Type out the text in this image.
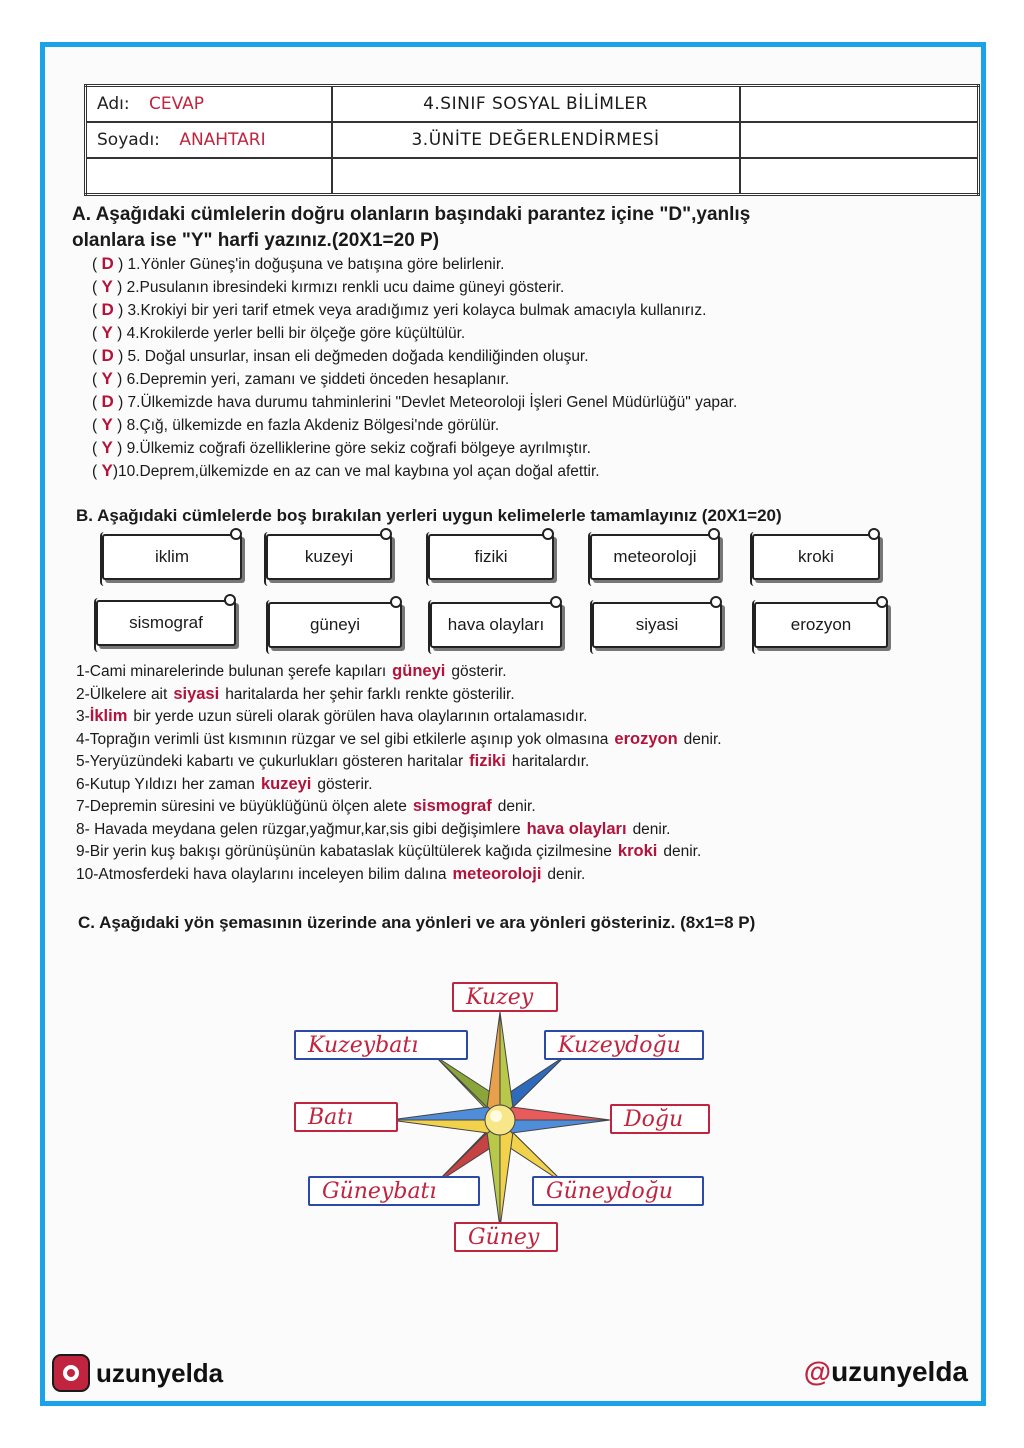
Adı: CEVAP	4.SINIF SOSYAL BİLİMLER	
Soyadı: ANAHTARI	3.ÜNİTE DEĞERLENDİRMESİ	

A. Aşağıdaki cümlelerin doğru olanların başındaki parantez içine "D",yanlış
olanlara ise "Y" harfi yazınız.(20X1=20 P)
( D ) 1.Yönler Güneş'in doğuşuna ve batışına göre belirlenir.
( Y ) 2.Pusulanın ibresindeki kırmızı renkli ucu daime güneyi gösterir.
( D ) 3.Krokiyi bir yeri tarif etmek veya aradığımız yeri kolayca bulmak amacıyla kullanırız.
( Y ) 4.Krokilerde yerler belli bir ölçeğe göre küçültülür.
( D ) 5. Doğal unsurlar, insan eli değmeden doğada kendiliğinden oluşur.
( Y ) 6.Depremin yeri, zamanı ve şiddeti önceden hesaplanır.
( D ) 7.Ülkemizde hava durumu tahminlerini "Devlet Meteoroloji İşleri Genel Müdürlüğü" yapar.
( Y ) 8.Çığ, ülkemizde en fazla Akdeniz Bölgesi'nde görülür.
( Y ) 9.Ülkemiz coğrafi özelliklerine göre sekiz coğrafi bölgeye ayrılmıştır.
( Y)10.Deprem,ülkemizde en az can ve mal kaybına yol açan doğal afettir.
B. Aşağıdaki cümlelerde boş bırakılan yerleri uygun kelimelerle tamamlayınız (20X1=20)
iklim	kuzeyi	fiziki	meteoroloji	kroki
sismograf	güneyi	hava olayları	siyasi	erozyon
1-Cami minarelerinde bulunan şerefe kapıları güneyi gösterir.
2-Ülkelere ait siyasi haritalarda her şehir farklı renkte gösterilir.
3-İklim bir yerde uzun süreli olarak görülen hava olaylarının ortalamasıdır.
4-Toprağın verimli üst kısmının rüzgar ve sel gibi etkilerle aşınıp yok olmasına erozyon denir.
5-Yeryüzündeki kabartı ve çukurlukları gösteren haritalar fiziki haritalardır.
6-Kutup Yıldızı her zaman kuzeyi gösterir.
7-Depremin süresini ve büyüklüğünü ölçen alete sismograf denir.
8- Havada meydana gelen rüzgar,yağmur,kar,sis gibi değişimlere hava olayları denir.
9-Bir yerin kuş bakışı görünüşünün kabataslak küçültülerek kağıda çizilmesine kroki denir.
10-Atmosferdeki hava olaylarını inceleyen bilim dalına meteoroloji denir.
C. Aşağıdaki yön şemasının üzerinde ana yönleri ve ara yönleri gösteriniz. (8x1=8 P)
Kuzey
Kuzeybatı	Kuzeydoğu
Batı	Doğu
Güneybatı	Güneydoğu
Güney
uzunyelda	@uzunyelda
